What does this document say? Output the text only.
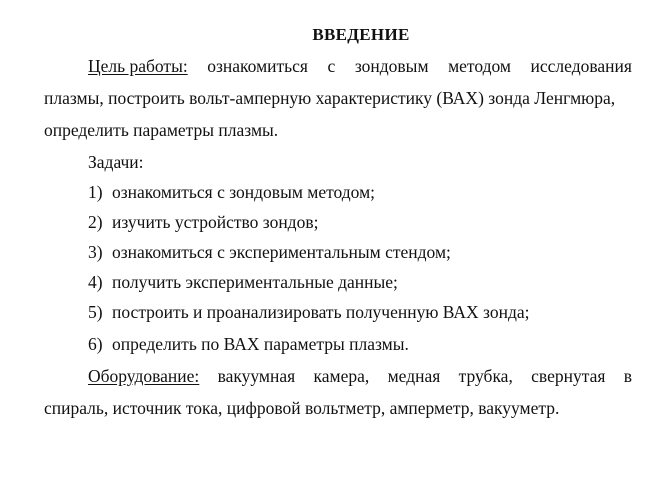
ВВЕДЕНИЕ
Цель работы: ознакомиться с зондовым методом исследования
плазмы, построить вольт-амперную характеристику (ВАХ) зонда Ленгмюра,
определить параметры плазмы.
Задачи:
1) ознакомиться с зондовым методом;
2) изучить устройство зондов;
3) ознакомиться с экспериментальным стендом;
4) получить экспериментальные данные;
5) построить и проанализировать полученную ВАХ зонда;
6) определить по ВАХ параметры плазмы.
Оборудование: вакуумная камера, медная трубка, свернутая в
спираль, источник тока, цифровой вольтметр, амперметр, вакууметр.
